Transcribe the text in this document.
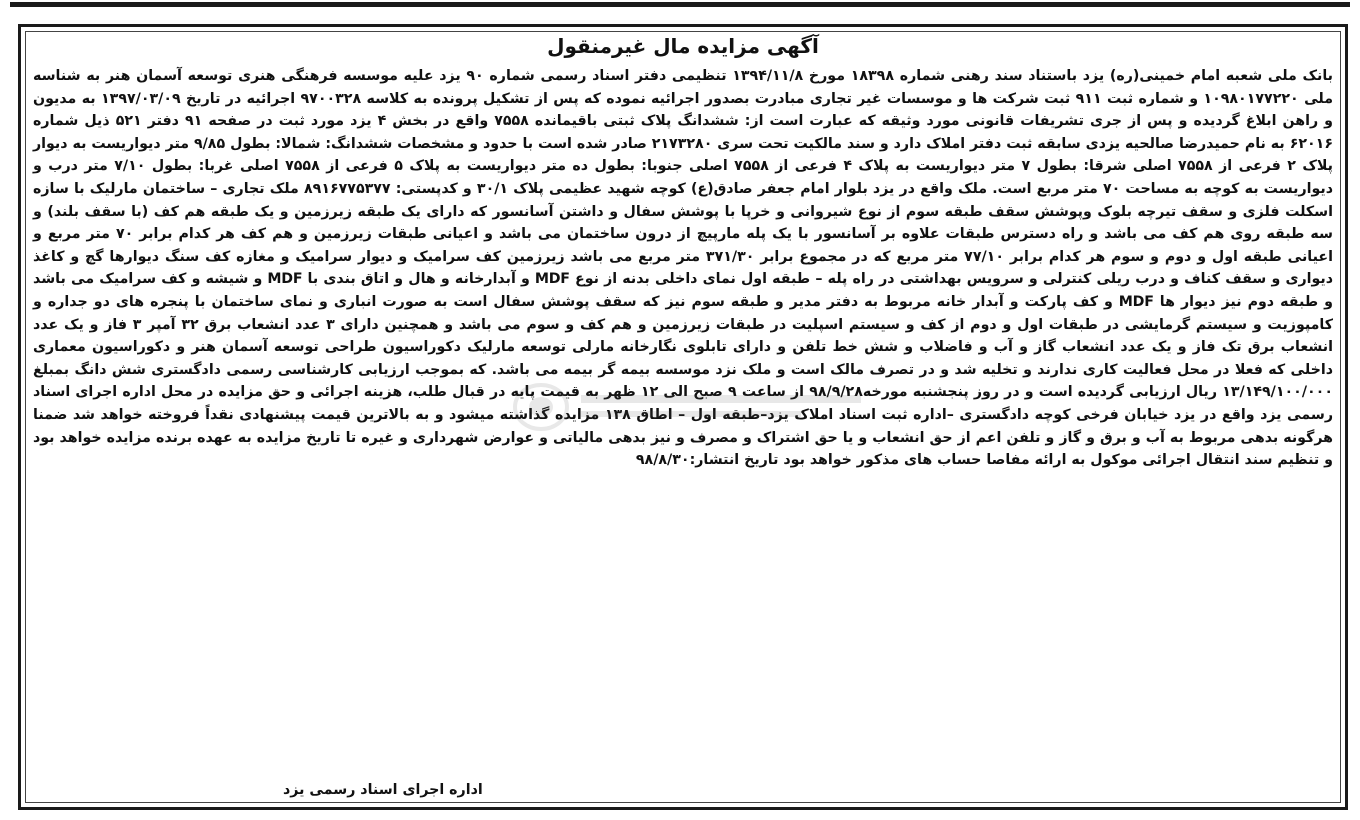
آگهی مزایده مال غیرمنقول

بانک ملی شعبه امام خمینی(ره) یزد باستناد سند رهنی شماره ۱۸۳۹۸ مورخ ۱۳۹۴/۱۱/۸ تنظیمی دفتر اسناد رسمی شماره ۹۰ یزد علیه موسسه فرهنگی هنری توسعه آسمان هنر به شناسه ملی ۱۰۹۸۰۱۷۷۲۲۰ و شماره ثبت ۹۱۱ ثبت شرکت ها و موسسات غیر تجاری مبادرت بصدور اجرائیه نموده که پس از تشکیل پرونده به کلاسه ۹۷۰۰۳۲۸ اجرائیه در تاریخ ۱۳۹۷/۰۳/۰۹ به مدیون و راهن ابلاغ گردیده و پس از جری تشریفات قانونی مورد وثیقه که عبارت است از: ششدانگ پلاک ثبتی باقیمانده ۷۵۵۸ واقع در بخش ۴ یزد مورد ثبت در صفحه ۹۱ دفتر ۵۲۱ ذیل شماره ۶۲۰۱۶ به نام حمیدرضا صالحیه یزدی سابقه ثبت دفتر املاک دارد و سند مالکیت تحت سری ۲۱۷۳۲۸۰ صادر شده است با حدود و مشخصات ششدانگ: شمالا: بطول ۹/۸۵ متر دیواریست به دیوار پلاک ۲ فرعی از ۷۵۵۸ اصلی شرقا: بطول ۷ متر دیواریست به پلاک ۴ فرعی از ۷۵۵۸ اصلی جنوبا: بطول ده متر دیواریست به پلاک ۵ فرعی از ۷۵۵۸ اصلی غربا: بطول ۷/۱۰ متر درب و دیواریست به کوچه به مساحت ۷۰ متر مربع است. ملک واقع در یزد بلوار امام جعفر صادق(ع) کوچه شهید عظیمی پلاک ۳۰/۱ و کدپستی: ۸۹۱۶۷۷۵۳۷۷ ملک تجاری – ساختمان مارلیک با سازه اسکلت فلزی و سقف تیرچه بلوک وپوشش سقف طبقه سوم از نوع شیروانی و خرپا با پوشش سفال و داشتن آسانسور که دارای یک طبقه زیرزمین و یک طبقه هم کف (با سقف بلند) و سه طبقه روی هم کف می باشد و راه دسترس طبقات علاوه بر آسانسور با یک پله مارپیچ از درون ساختمان می باشد و اعیانی طبقات زیرزمین و هم کف هر کدام برابر ۷۰ متر مربع و اعیانی طبقه اول و دوم و سوم هر کدام برابر ۷۷/۱۰ متر مربع که در مجموع برابر ۳۷۱/۳۰ متر مربع می باشد زیرزمین کف سرامیک و دیوار سرامیک و مغازه کف سنگ دیوارها گچ و کاغذ دیواری و سقف کناف و درب ریلی کنترلی و سرویس بهداشتی در راه پله – طبقه اول نمای داخلی بدنه از نوع MDF و آبدارخانه و هال و اتاق بندی با MDF و شیشه و کف سرامیک می باشد و طبقه دوم نیز دیوار ها MDF و کف پارکت و آبدار خانه مربوط به دفتر مدیر و طبقه سوم نیز که سقف پوشش سفال است به صورت انباری و نمای ساختمان با پنجره های دو جداره و کامپوزیت و سیستم گرمایشی در طبقات اول و دوم از کف و سیستم اسپلیت در طبقات زیرزمین و هم کف و سوم می باشد و همچنین دارای ۳ عدد انشعاب برق ۳۲ آمپر ۳ فاز و یک عدد انشعاب برق تک فاز و یک عدد انشعاب گاز و آب و فاضلاب و شش خط تلفن و دارای تابلوی نگارخانه مارلی توسعه مارلیک دکوراسیون طراحی توسعه آسمان هنر و دکوراسیون معماری داخلی که فعلا در محل فعالیت کاری ندارند و تخلیه شد و در تصرف مالک است و ملک نزد موسسه بیمه گر بیمه می باشد. که بموجب ارزیابی کارشناسی رسمی دادگستری شش دانگ بمبلغ ۱۳/۱۴۹/۱۰۰/۰۰۰ ریال ارزیابی گردیده است و در روز پنجشنبه مورخه۹۸/۹/۲۸ از ساعت ۹ صبح الی ۱۲ ظهر به قیمت پایه در قبال طلب، هزینه اجرائی و حق مزایده در محل اداره اجرای اسناد رسمی یزد واقع در یزد خیابان فرخی کوچه دادگستری –اداره ثبت اسناد املاک یزد–طبقه اول – اطاق ۱۳۸ مزایده گذاشته میشود و به بالاترین قیمت پیشنهادی نقداً فروخته خواهد شد ضمنا هرگونه بدهی مربوط به آب و برق و گاز و تلفن اعم از حق انشعاب و یا حق اشتراک و مصرف و نیز بدهی مالیاتی و عوارض شهرداری و غیره تا تاریخ مزایده به عهده برنده مزایده خواهد بود و تنظیم سند انتقال اجرائی موکول به ارائه مفاصا حساب های مذکور خواهد بود تاریخ انتشار:۹۸/۸/۳۰

اداره اجرای اسناد رسمی یزد
